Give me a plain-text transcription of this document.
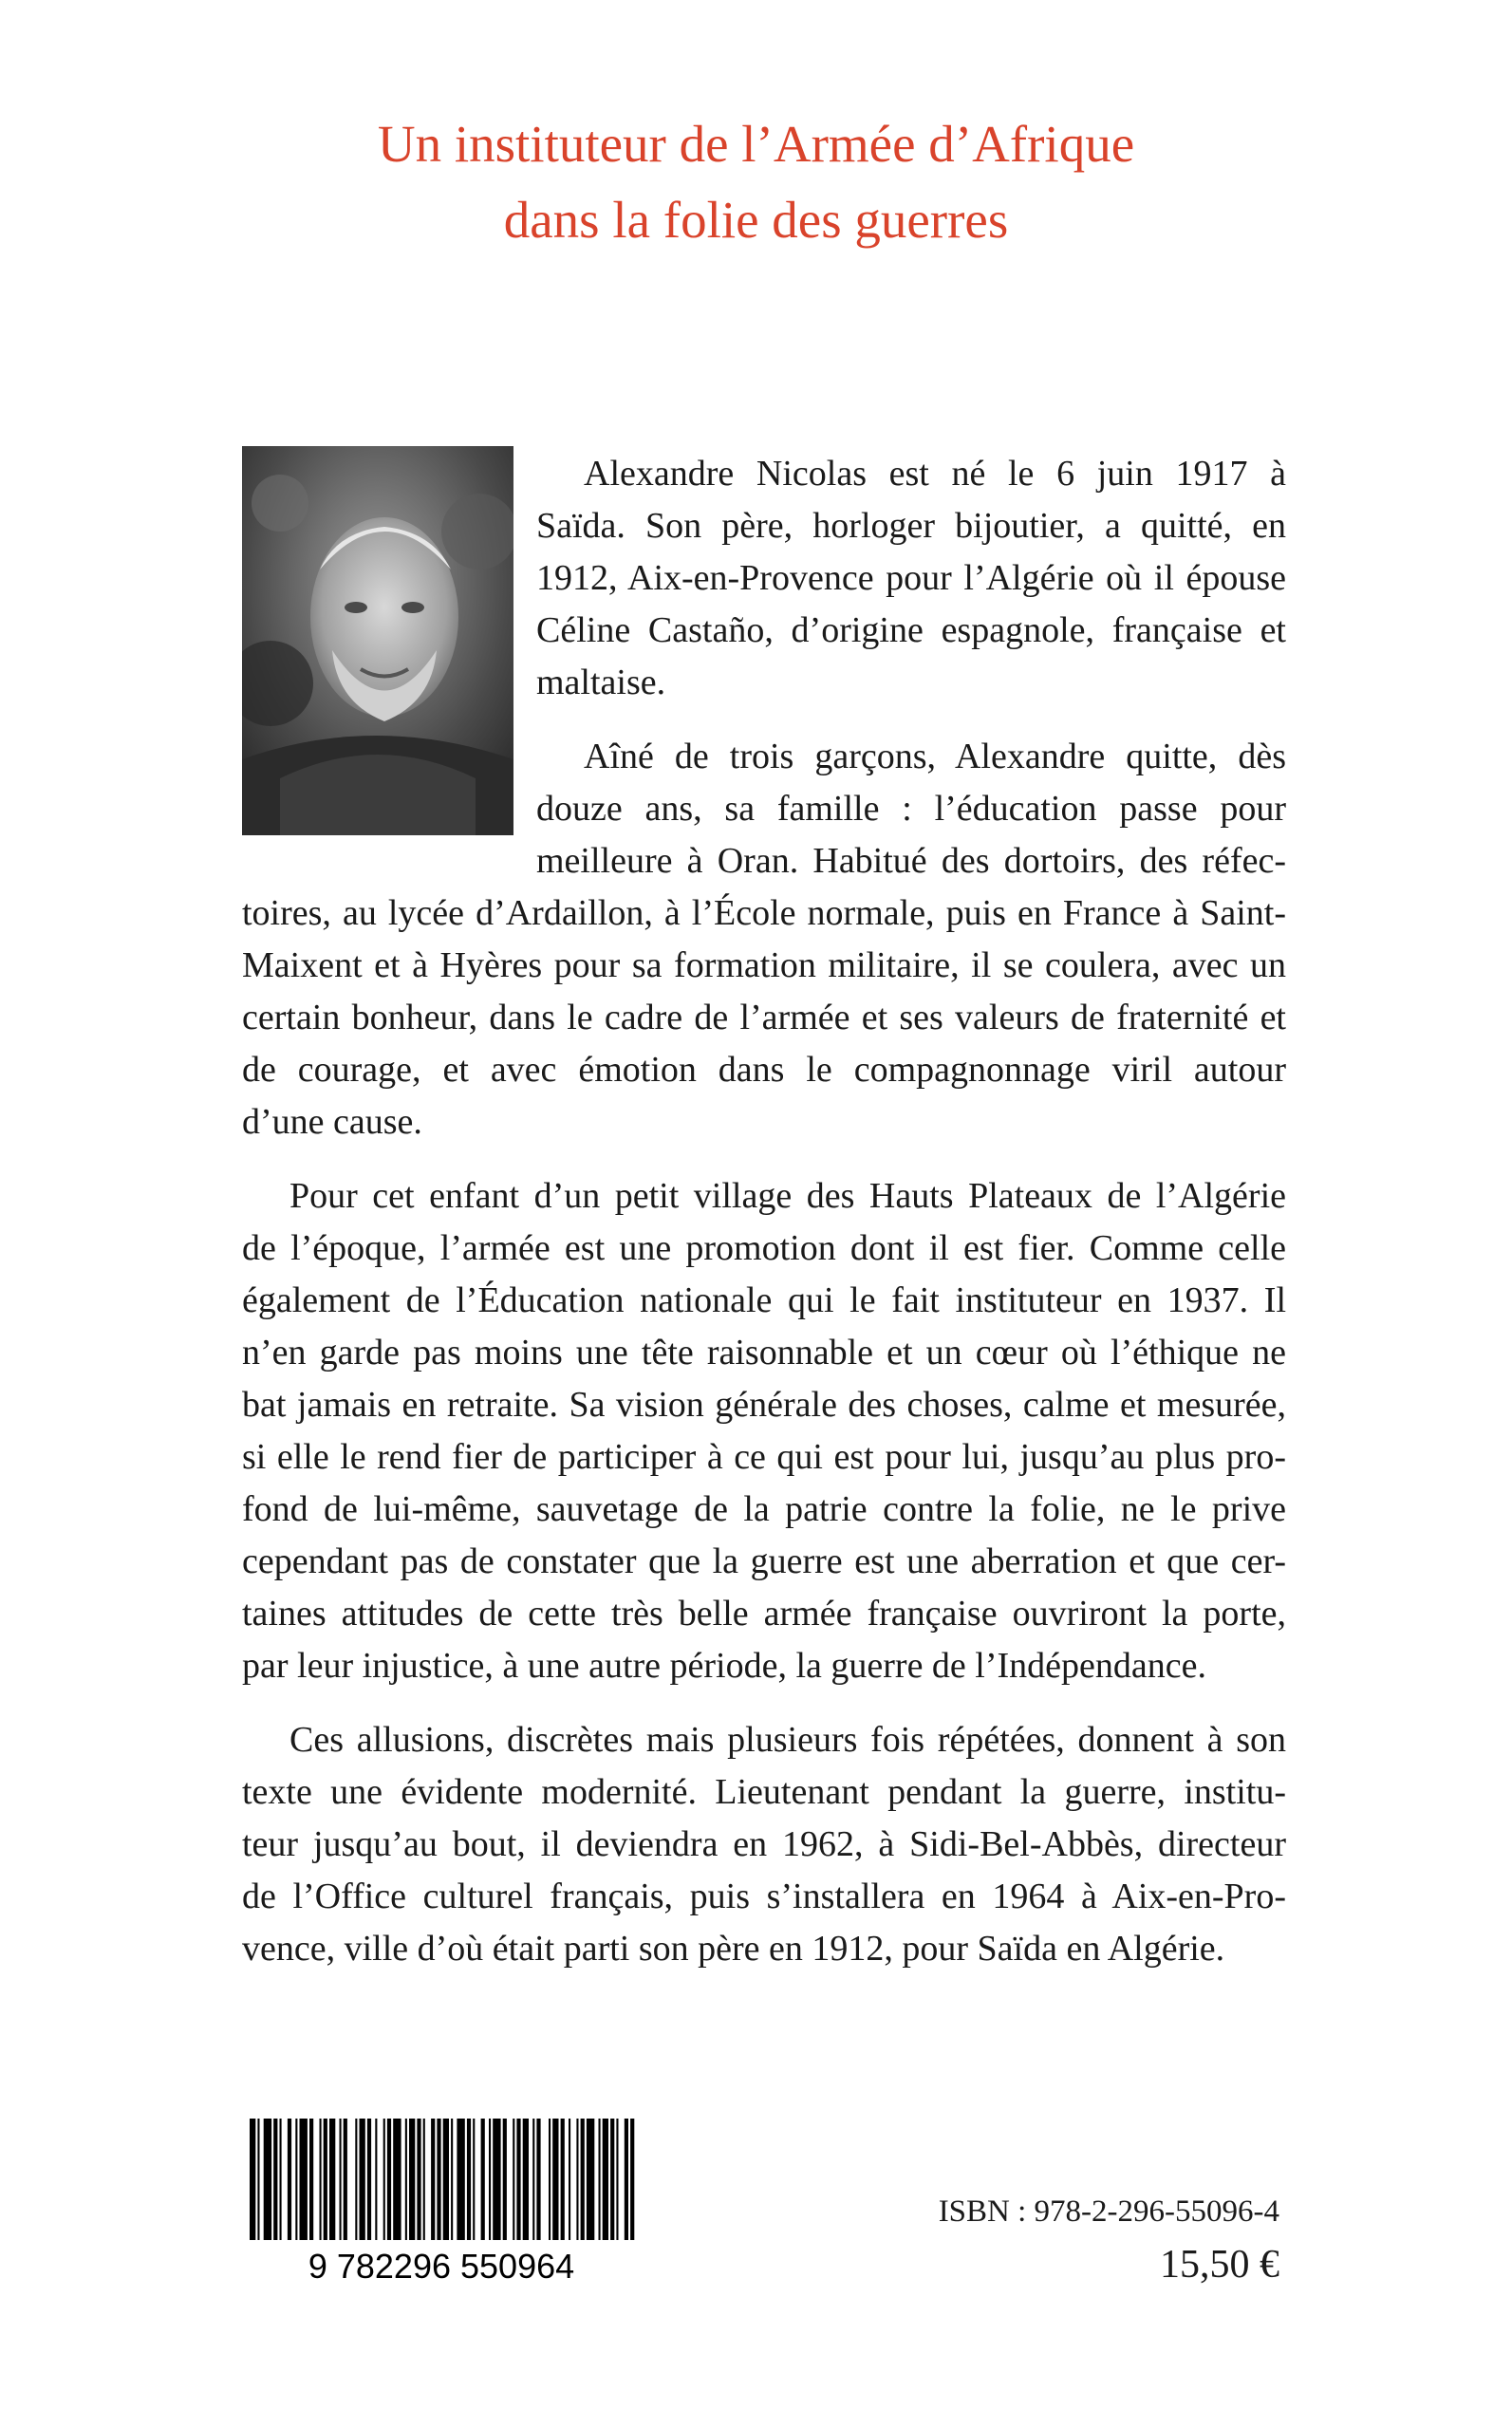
Un instituteur de l’Armée d’Afrique
dans la folie des guerres
Alexandre Nicolas est né le 6 juin 1917 à
Saïda. Son père, horloger bijoutier, a quitté, en
1912, Aix-en-Provence pour l’Algérie où il épouse
Céline Castaño, d’origine espagnole, française et
maltaise.
Aîné de trois garçons, Alexandre quitte, dès
douze ans, sa famille : l’éducation passe pour
meilleure à Oran. Habitué des dortoirs, des réfec-
toires, au lycée d’Ardaillon, à l’École normale, puis en France à Saint-
Maixent et à Hyères pour sa formation militaire, il se coulera, avec un
certain bonheur, dans le cadre de l’armée et ses valeurs de fraternité et
de courage, et avec émotion dans le compagnonnage viril autour
d’une cause.
Pour cet enfant d’un petit village des Hauts Plateaux de l’Algérie
de l’époque, l’armée est une promotion dont il est fier. Comme celle
également de l’Éducation nationale qui le fait instituteur en 1937. Il
n’en garde pas moins une tête raisonnable et un cœur où l’éthique ne
bat jamais en retraite. Sa vision générale des choses, calme et mesurée,
si elle le rend fier de participer à ce qui est pour lui, jusqu’au plus pro-
fond de lui-même, sauvetage de la patrie contre la folie, ne le prive
cependant pas de constater que la guerre est une aberration et que cer-
taines attitudes de cette très belle armée française ouvriront la porte,
par leur injustice, à une autre période, la guerre de l’Indépendance.
Ces allusions, discrètes mais plusieurs fois répétées, donnent à son
texte une évidente modernité. Lieutenant pendant la guerre, institu-
teur jusqu’au bout, il deviendra en 1962, à Sidi-Bel-Abbès, directeur
de l’Office culturel français, puis s’installera en 1964 à Aix-en-Pro-
vence, ville d’où était parti son père en 1912, pour Saïda en Algérie.
9 782296 550964
ISBN : 978-2-296-55096-4
15,50 €
